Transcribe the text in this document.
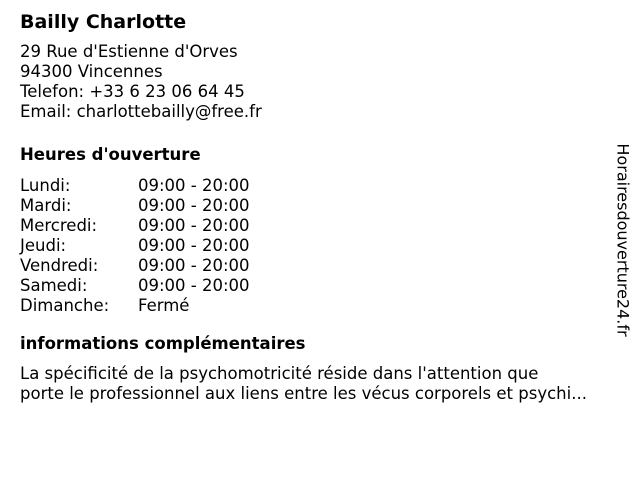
Bailly Charlotte
29 Rue d'Estienne d'Orves
94300 Vincennes
Telefon: +33 6 23 06 64 45
Email: charlottebailly@free.fr
Heures d'ouverture
Lundi:	09:00 - 20:00
Mardi:	09:00 - 20:00
Mercredi:	09:00 - 20:00
Jeudi:	09:00 - 20:00
Vendredi:	09:00 - 20:00
Samedi:	09:00 - 20:00
Dimanche:	Fermé
informations complémentaires

La spécificité de la psychomotricité réside dans l'attention que

porte le professionnel aux liens entre les vécus corporels et psychi...

Horairesdouverture24.fr
